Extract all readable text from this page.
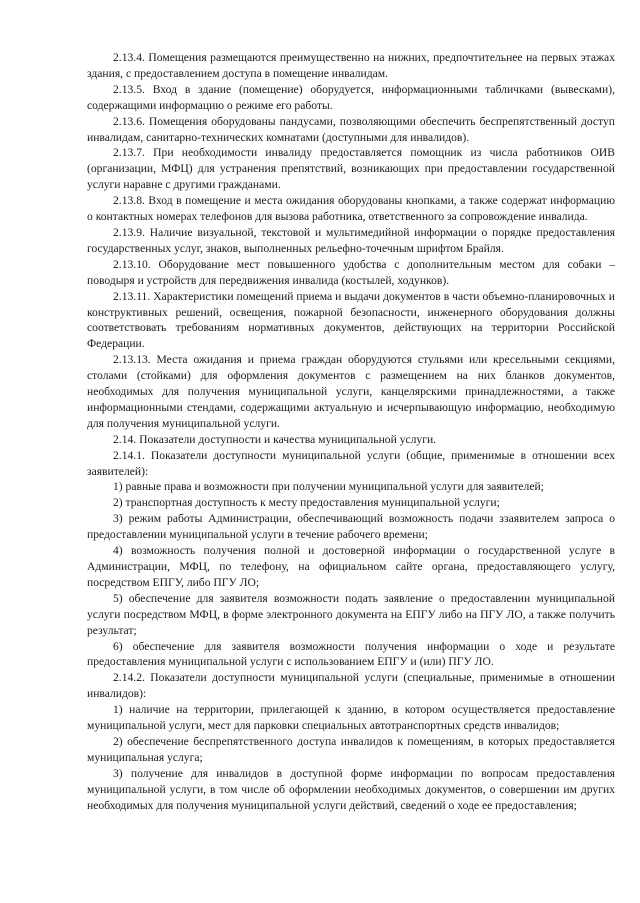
2.13.4. Помещения размещаются преимущественно на нижних, предпочтительнее на первых этажах здания, с предоставлением доступа в помещение инвалидам.

2.13.5. Вход в здание (помещение) оборудуется, информационными табличками (вывесками), содержащими информацию о режиме его работы.

2.13.6. Помещения оборудованы пандусами, позволяющими обеспечить беспрепятственный доступ инвалидам, санитарно-технических комнатами (доступными для инвалидов).

2.13.7. При необходимости инвалиду предоставляется помощник из числа работников ОИВ (организации, МФЦ) для устранения препятствий, возникающих при предоставлении государственной услуги наравне с другими гражданами.

2.13.8. Вход в помещение и места ожидания оборудованы кнопками, а также содержат информацию о контактных номерах телефонов для вызова работника, ответственного за сопровождение инвалида.

2.13.9. Наличие визуальной, текстовой и мультимедийной информации о порядке предоставления государственных услуг, знаков, выполненных рельефно-точечным шрифтом Брайля.

2.13.10. Оборудование мест повышенного удобства с дополнительным местом для собаки – поводыря и устройств для передвижения инвалида (костылей, ходунков).

2.13.11. Характеристики помещений приема и выдачи документов в части объемно-планировочных и конструктивных решений, освещения, пожарной безопасности, инженерного оборудования должны соответствовать требованиям нормативных документов, действующих на территории Российской Федерации.

2.13.13. Места ожидания и приема граждан оборудуются стульями или кресельными секциями, столами (стойками) для оформления документов с размещением на них бланков документов, необходимых для получения муниципальной услуги, канцелярскими принадлежностями, а также информационными стендами, содержащими актуальную и исчерпывающую информацию, необходимую для получения муниципальной услуги.

2.14. Показатели доступности и качества муниципальной услуги.

2.14.1. Показатели доступности муниципальной услуги (общие, применимые в отношении всех заявителей):

1) равные права и возможности при получении муниципальной услуги для заявителей;

2) транспортная доступность к месту предоставления муниципальной услуги;

3) режим работы Администрации, обеспечивающий возможность подачи ззаявителем запроса о предоставлении муниципальной услуги в течение рабочего времени;

4) возможность получения полной и достоверной информации о государственной услуге в Администрации, МФЦ, по телефону, на официальном сайте органа, предоставляющего услугу, посредством ЕПГУ, либо ПГУ ЛО;

5) обеспечение для заявителя возможности подать заявление о предоставлении муниципальной услуги посредством МФЦ, в форме электронного документа на ЕПГУ либо на ПГУ ЛО, а также получить результат;

6) обеспечение для заявителя возможности получения информации о ходе и результате предоставления муниципальной услуги с использованием ЕПГУ и (или) ПГУ ЛО.

2.14.2. Показатели доступности муниципальной услуги (специальные, применимые в отношении инвалидов):

1) наличие на территории, прилегающей к зданию, в котором осуществляется предоставление муниципальной услуги, мест для парковки специальных автотранспортных средств инвалидов;

2) обеспечение беспрепятственного доступа инвалидов к помещениям, в которых предоставляется муниципальная услуга;

3) получение для инвалидов в доступной форме информации по вопросам предоставления муниципальной услуги, в том числе об оформлении необходимых документов, о совершении им других необходимых для получения муниципальной услуги действий, сведений о ходе ее предоставления;
